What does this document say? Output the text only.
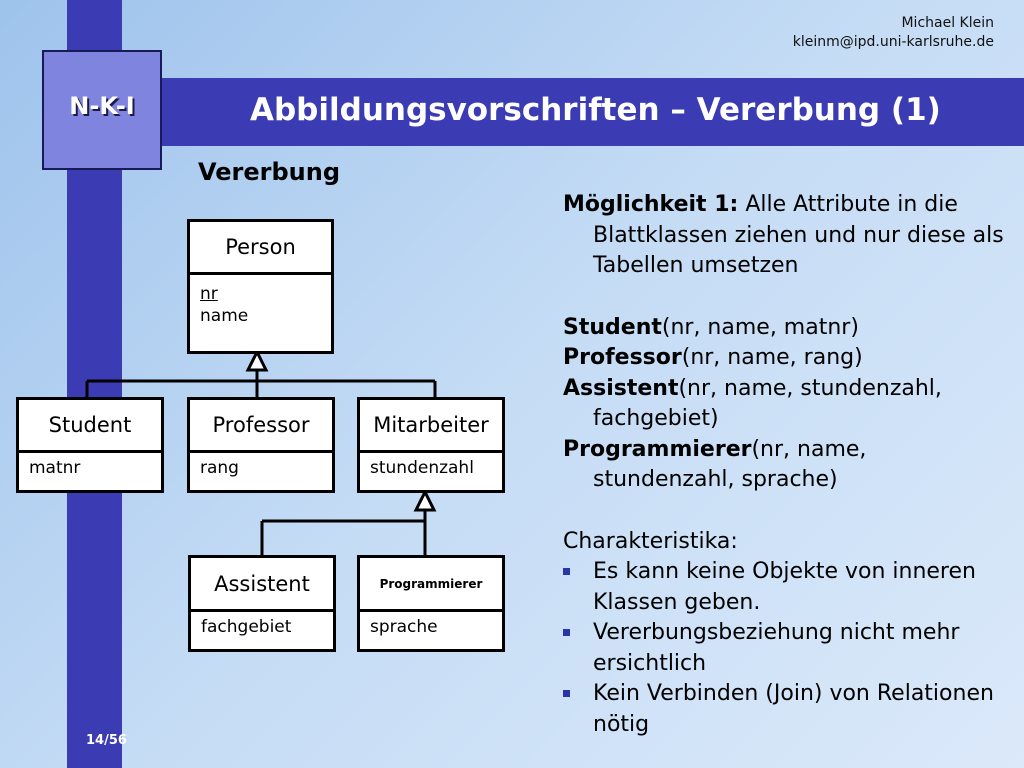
N-K-I
Michael Klein
kleinm@ipd.uni-karlsruhe.de
Abbildungsvorschriften – Vererbung (1)
Vererbung
Person
nr
name
Student
matnr
Professor
rang
Mitarbeiter
stundenzahl
Assistent
fachgebiet
Programmierer
sprache

Möglichkeit 1: Alle Attribute in die Blattklassen ziehen und nur diese als Tabellen umsetzen

Student(nr, name, matnr)

Professor(nr, name, rang)

Assistent(nr, name, stundenzahl, fachgebiet)

Programmierer(nr, name, stundenzahl, sprache)

Charakteristika:

Es kann keine Objekte von inneren Klassen geben.
Vererbungsbeziehung nicht mehr ersichtlich
Kein Verbinden (Join) von Relationen nötig
14/56
